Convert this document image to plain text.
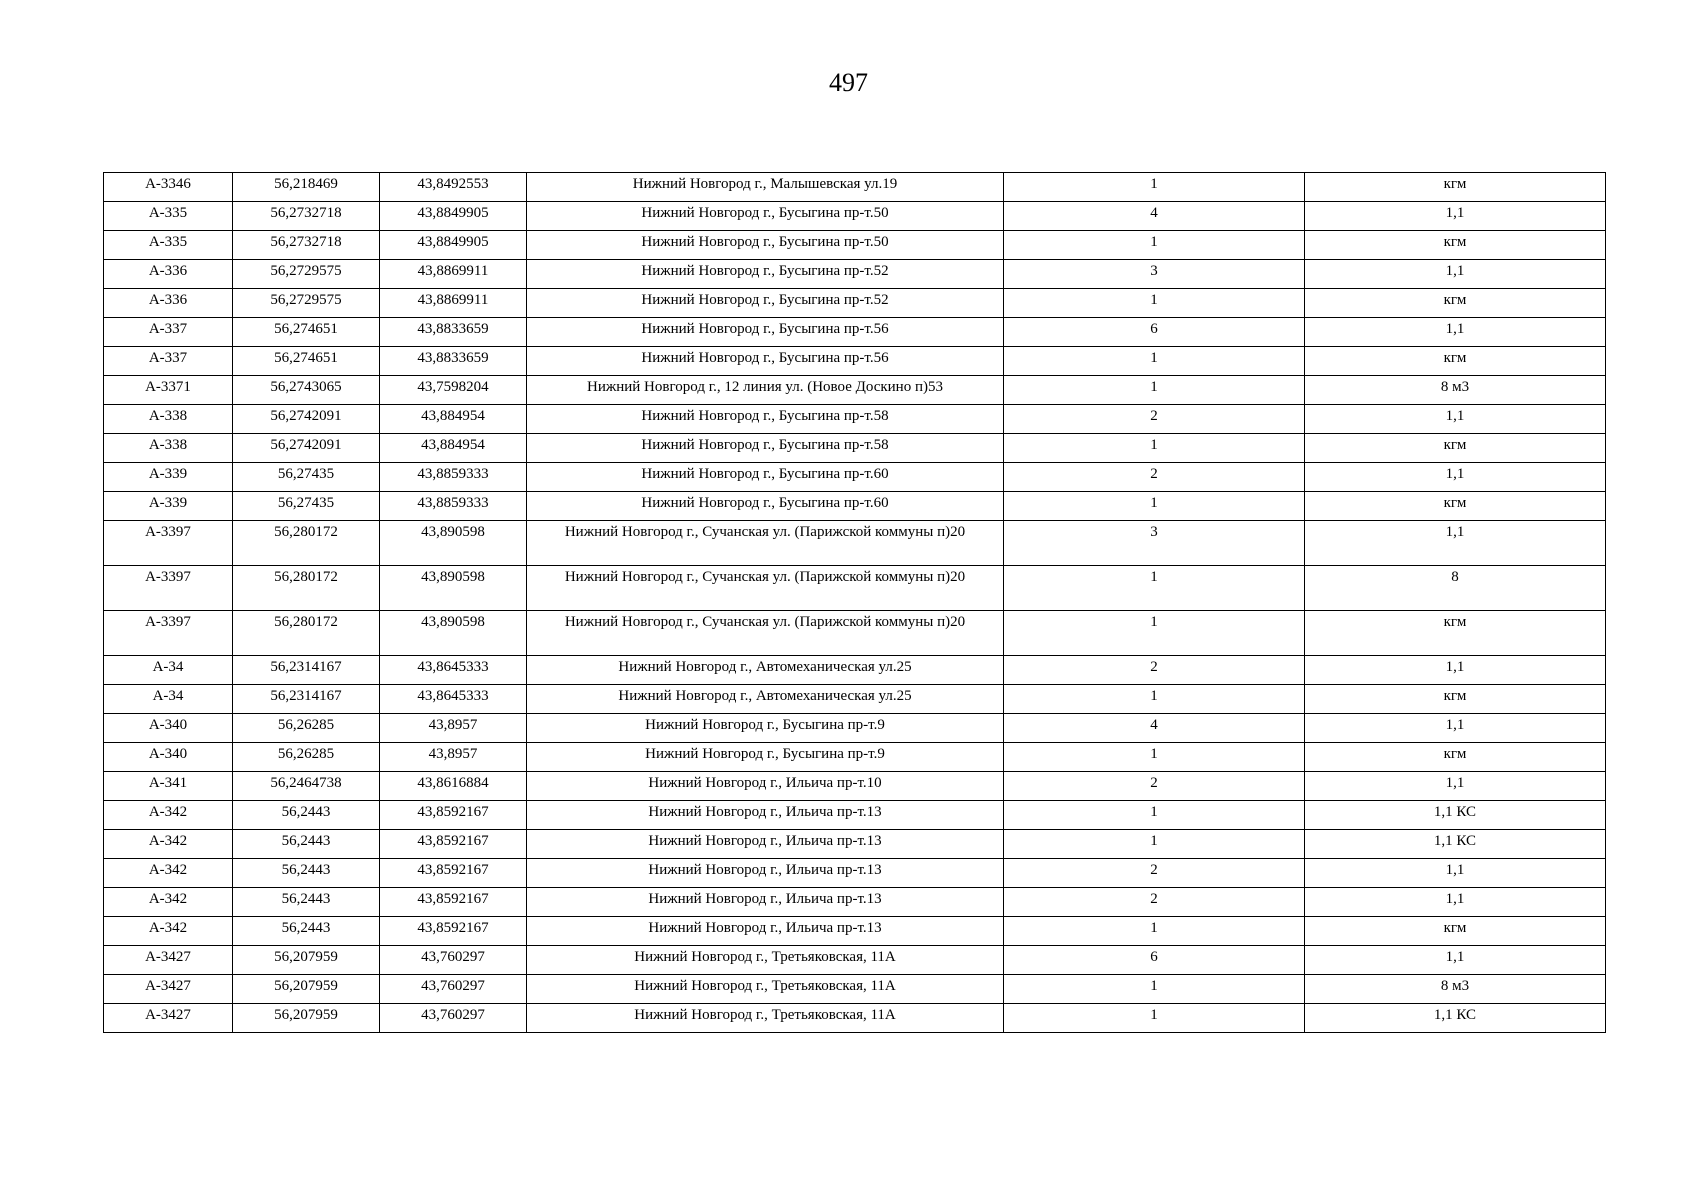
497
А-3346	56,218469	43,8492553	Нижний Новгород г., Малышевская ул.19	1	кгм
А-335	56,2732718	43,8849905	Нижний Новгород г., Бусыгина пр-т.50	4	1,1
А-335	56,2732718	43,8849905	Нижний Новгород г., Бусыгина пр-т.50	1	кгм
А-336	56,2729575	43,8869911	Нижний Новгород г., Бусыгина пр-т.52	3	1,1
А-336	56,2729575	43,8869911	Нижний Новгород г., Бусыгина пр-т.52	1	кгм
А-337	56,274651	43,8833659	Нижний Новгород г., Бусыгина пр-т.56	6	1,1
А-337	56,274651	43,8833659	Нижний Новгород г., Бусыгина пр-т.56	1	кгм
А-3371	56,2743065	43,7598204	Нижний Новгород г., 12 линия ул. (Новое Доскино п)53	1	8 м3
А-338	56,2742091	43,884954	Нижний Новгород г., Бусыгина пр-т.58	2	1,1
А-338	56,2742091	43,884954	Нижний Новгород г., Бусыгина пр-т.58	1	кгм
А-339	56,27435	43,8859333	Нижний Новгород г., Бусыгина пр-т.60	2	1,1
А-339	56,27435	43,8859333	Нижний Новгород г., Бусыгина пр-т.60	1	кгм
А-3397	56,280172	43,890598	Нижний Новгород г., Сучанская ул. (Парижской коммуны п)20	3	1,1
А-3397	56,280172	43,890598	Нижний Новгород г., Сучанская ул. (Парижской коммуны п)20	1	8
А-3397	56,280172	43,890598	Нижний Новгород г., Сучанская ул. (Парижской коммуны п)20	1	кгм
А-34	56,2314167	43,8645333	Нижний Новгород г., Автомеханическая ул.25	2	1,1
А-34	56,2314167	43,8645333	Нижний Новгород г., Автомеханическая ул.25	1	кгм
А-340	56,26285	43,8957	Нижний Новгород г., Бусыгина пр-т.9	4	1,1
А-340	56,26285	43,8957	Нижний Новгород г., Бусыгина пр-т.9	1	кгм
А-341	56,2464738	43,8616884	Нижний Новгород г., Ильича пр-т.10	2	1,1
А-342	56,2443	43,8592167	Нижний Новгород г., Ильича пр-т.13	1	1,1 КС
А-342	56,2443	43,8592167	Нижний Новгород г., Ильича пр-т.13	1	1,1 КС
А-342	56,2443	43,8592167	Нижний Новгород г., Ильича пр-т.13	2	1,1
А-342	56,2443	43,8592167	Нижний Новгород г., Ильича пр-т.13	2	1,1
А-342	56,2443	43,8592167	Нижний Новгород г., Ильича пр-т.13	1	кгм
А-3427	56,207959	43,760297	Нижний Новгород г., Третьяковская, 11А	6	1,1
А-3427	56,207959	43,760297	Нижний Новгород г., Третьяковская, 11А	1	8 м3
А-3427	56,207959	43,760297	Нижний Новгород г., Третьяковская, 11А	1	1,1 КС
